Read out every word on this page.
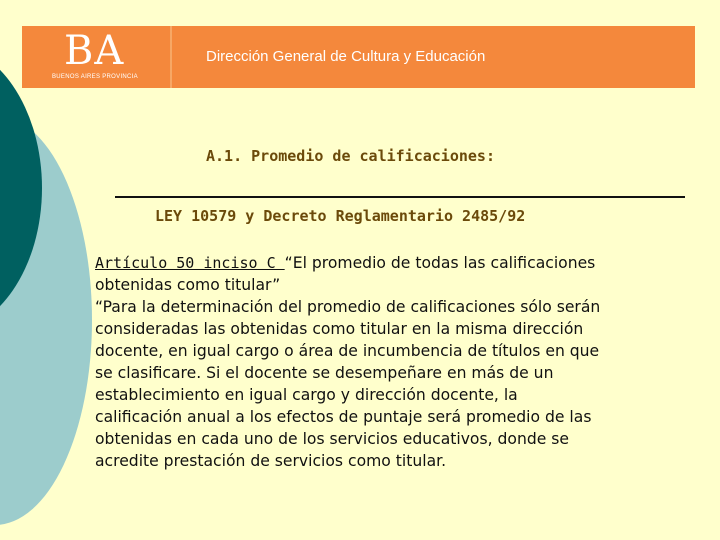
BA
BUENOS AIRES PROVINCIA
Dirección General de Cultura y Educación
A.1. Promedio de calificaciones:
LEY 10579 y Decreto Reglamentario 2485/92
Artículo 50 inciso C “El promedio de todas las calificaciones
obtenidas como titular”
“Para la determinación del promedio de calificaciones sólo serán
consideradas las obtenidas como titular en la misma dirección
docente, en igual cargo o área de incumbencia de títulos en que
se clasificare. Si el docente se desempeñare en más de un
establecimiento en igual cargo y dirección docente, la
calificación anual a los efectos de puntaje será promedio de las
obtenidas en cada uno de los servicios educativos, donde se
acredite prestación de servicios como titular.
